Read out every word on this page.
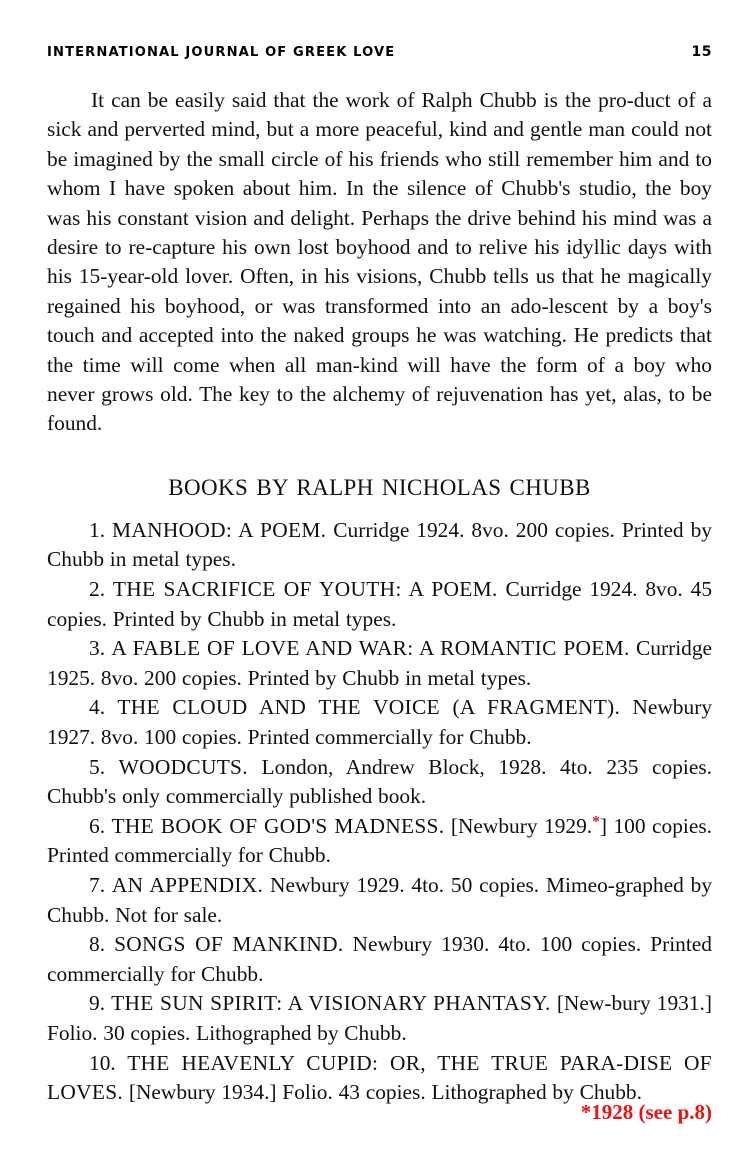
INTERNATIONAL JOURNAL OF GREEK LOVE	15

It can be easily said that the work of Ralph Chubb is the pro-duct of a sick and perverted mind, but a more peaceful, kind and gentle man could not be imagined by the small circle of his friends who still remember him and to whom I have spoken about him. In the silence of Chubb's studio, the boy was his constant vision and delight. Perhaps the drive behind his mind was a desire to re-capture his own lost boyhood and to relive his idyllic days with his 15-year-old lover. Often, in his visions, Chubb tells us that he magically regained his boyhood, or was transformed into an ado-lescent by a boy's touch and accepted into the naked groups he was watching. He predicts that the time will come when all man-kind will have the form of a boy who never grows old. The key to the alchemy of rejuvenation has yet, alas, to be found.

BOOKS BY RALPH NICHOLAS CHUBB
1. MANHOOD: A POEM. Curridge 1924. 8vo. 200 copies. Printed by Chubb in metal types.
2. THE SACRIFICE OF YOUTH: A POEM. Curridge 1924. 8vo. 45 copies. Printed by Chubb in metal types.
3. A FABLE OF LOVE AND WAR: A ROMANTIC POEM. Curridge 1925. 8vo. 200 copies. Printed by Chubb in metal types.
4. THE CLOUD AND THE VOICE (A FRAGMENT). Newbury 1927. 8vo. 100 copies. Printed commercially for Chubb.
5. WOODCUTS. London, Andrew Block, 1928. 4to. 235 copies. Chubb's only commercially published book.
6. THE BOOK OF GOD'S MADNESS. [Newbury 1929.*] 100 copies. Printed commercially for Chubb.
7. AN APPENDIX. Newbury 1929. 4to. 50 copies. Mimeo-graphed by Chubb. Not for sale.
8. SONGS OF MANKIND. Newbury 1930. 4to. 100 copies. Printed commercially for Chubb.
9. THE SUN SPIRIT: A VISIONARY PHANTASY. [New-bury 1931.] Folio. 30 copies. Lithographed by Chubb.
10. THE HEAVENLY CUPID: OR, THE TRUE PARA-DISE OF LOVES. [Newbury 1934.] Folio. 43 copies. Lithographed by Chubb.
*1928 (see p.8)
